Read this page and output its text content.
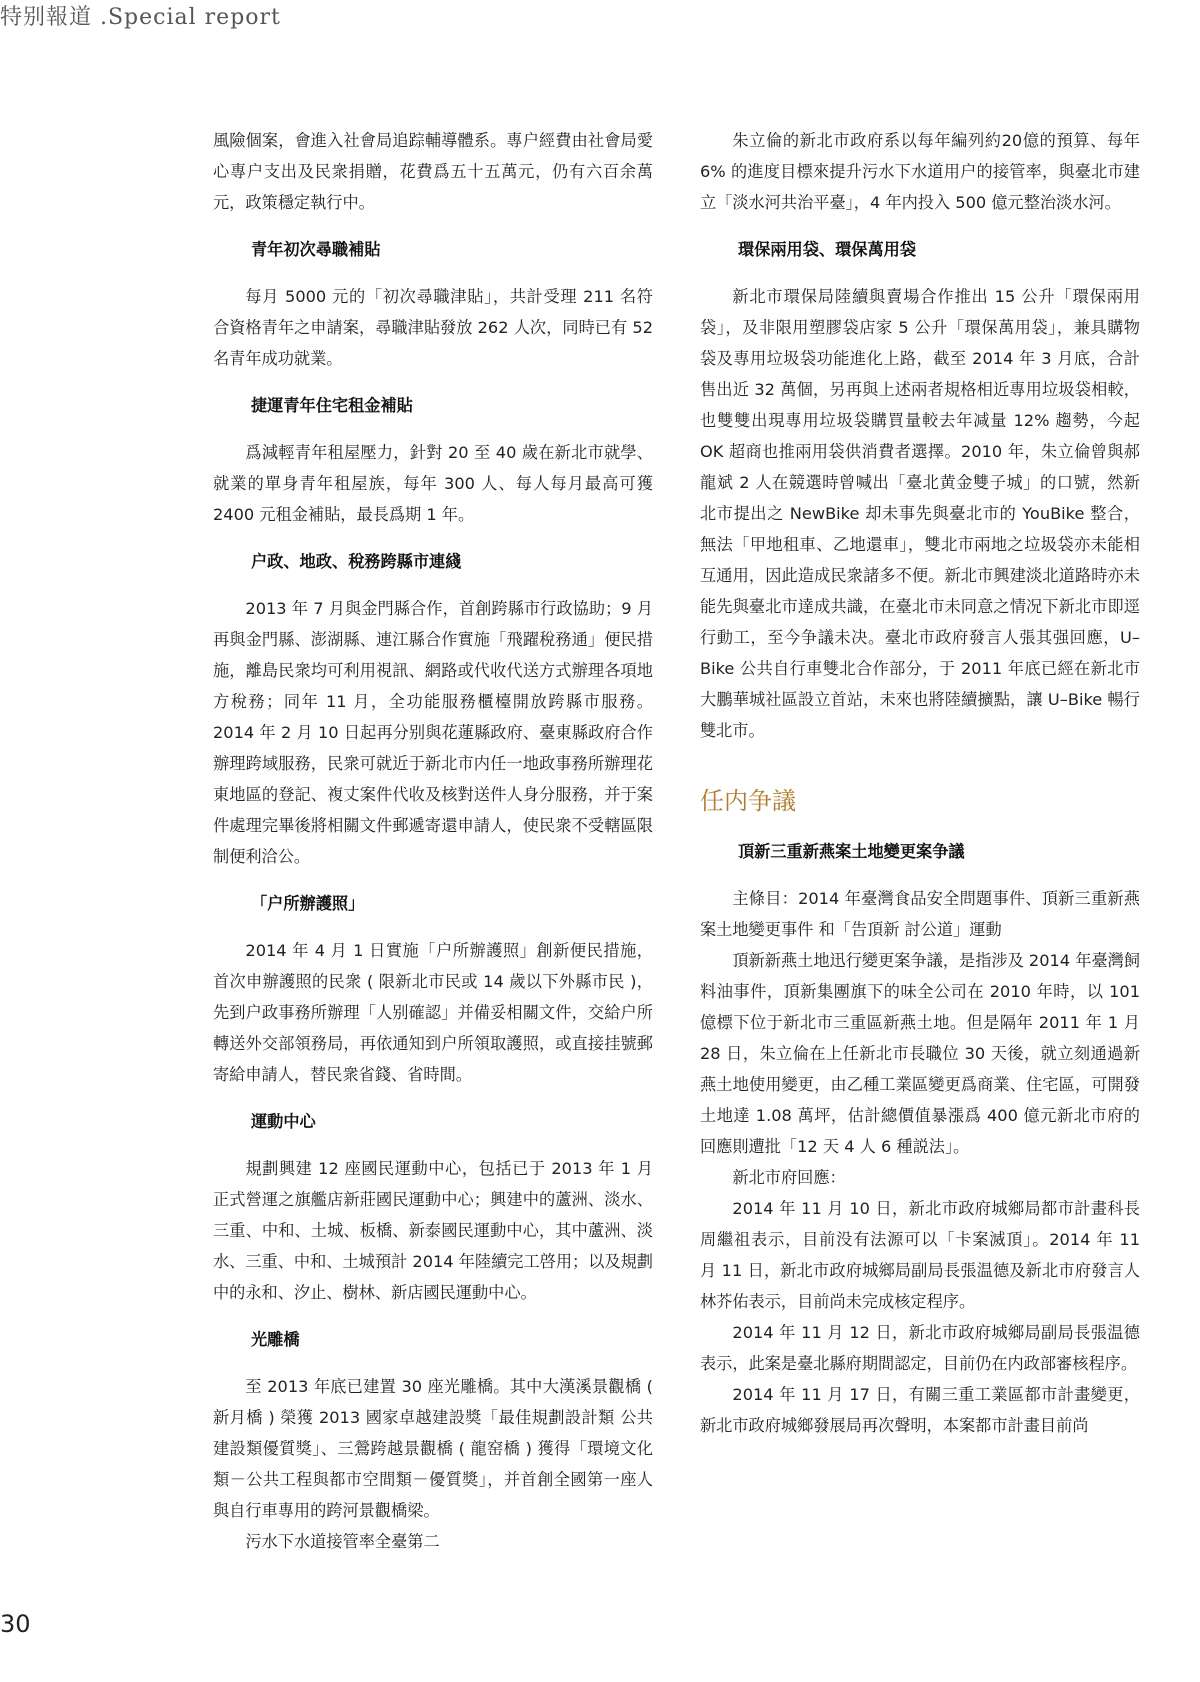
特别報道 .Special report

風險個案，會進入社會局追踪輔導體系。專户經費由社會局愛心專户支出及民衆捐贈，花費爲五十五萬元，仍有六百余萬元，政策穩定執行中。

青年初次尋職補貼

每月 5000 元的「初次尋職津貼」，共計受理 211 名符合資格青年之申請案，尋職津貼發放 262 人次，同時已有 52 名青年成功就業。

捷運青年住宅租金補貼

爲減輕青年租屋壓力，針對 20 至 40 歲在新北市就學、就業的單身青年租屋族，每年 300 人、每人每月最高可獲 2400 元租金補貼，最長爲期 1 年。

户政、地政、稅務跨縣市連綫

2013 年 7 月與金門縣合作，首創跨縣市行政協助；9 月再與金門縣、澎湖縣、連江縣合作實施「飛躍稅務通」便民措施，離島民衆均可利用視訊、網路或代收代送方式辦理各項地方稅務；同年 11 月，全功能服務櫃檯開放跨縣市服務。2014 年 2 月 10 日起再分别與花蓮縣政府、臺東縣政府合作辦理跨域服務，民衆可就近于新北市内任一地政事務所辦理花東地區的登記、複丈案件代收及核對送件人身分服務，并于案件處理完畢後將相關文件郵遞寄還申請人，使民衆不受轄區限制便利洽公。

「户所辦護照」

2014 年 4 月 1 日實施「户所辦護照」創新便民措施，首次申辦護照的民衆 ( 限新北市民或 14 歲以下外縣市民 )，先到户政事務所辦理「人别確認」并備妥相關文件，交給户所轉送外交部領務局，再依通知到户所領取護照，或直接挂號郵寄給申請人，替民衆省錢、省時間。

運動中心

規劃興建 12 座國民運動中心，包括已于 2013 年 1 月正式營運之旗艦店新莊國民運動中心；興建中的蘆洲、淡水、三重、中和、土城、板橋、新泰國民運動中心，其中蘆洲、淡水、三重、中和、土城預計 2014 年陸續完工啓用；以及規劃中的永和、汐止、樹林、新店國民運動中心。

光雕橋

至 2013 年底已建置 30 座光雕橋。其中大漢溪景觀橋 ( 新月橋 ) 榮獲 2013 國家卓越建設獎「最佳規劃設計類 公共建設類優質獎」、三鶯跨越景觀橋 ( 龍窑橋 ) 獲得「環境文化類－公共工程與都市空間類－優質獎」，并首創全國第一座人與自行車專用的跨河景觀橋梁。

污水下水道接管率全臺第二

朱立倫的新北市政府系以每年編列約20億的預算、每年 6% 的進度目標來提升污水下水道用户的接管率，與臺北市建立「淡水河共治平臺」，4 年内投入 500 億元整治淡水河。

環保兩用袋、環保萬用袋

新北市環保局陸續與賣場合作推出 15 公升「環保兩用袋」，及非限用塑膠袋店家 5 公升「環保萬用袋」，兼具購物袋及專用垃圾袋功能進化上路，截至 2014 年 3 月底，合計售出近 32 萬個，另再與上述兩者規格相近專用垃圾袋相較，也雙雙出現專用垃圾袋購買量較去年减量 12% 趨勢，今起 OK 超商也推兩用袋供消費者選擇。2010 年，朱立倫曾與郝龍斌 2 人在競選時曾喊出「臺北黄金雙子城」的口號，然新北市提出之 NewBike 却未事先與臺北市的 YouBike 整合，無法「甲地租車、乙地還車」，雙北市兩地之垃圾袋亦未能相互通用，因此造成民衆諸多不便。新北市興建淡北道路時亦未能先與臺北市達成共識，在臺北市未同意之情况下新北市即逕行動工，至今争議未决。臺北市政府發言人張其强回應，U–Bike 公共自行車雙北合作部分，于 2011 年底已經在新北市大鵬華城社區設立首站，未來也將陸續擴點，讓 U–Bike 暢行雙北市。

任内争議
頂新三重新燕案土地變更案争議

主條目：2014 年臺灣食品安全問題事件、頂新三重新燕案土地變更事件 和「告頂新 討公道」運動

頂新新燕土地迅行變更案争議，是指涉及 2014 年臺灣飼料油事件，頂新集團旗下的味全公司在 2010 年時，以 101 億標下位于新北市三重區新燕土地。但是隔年 2011 年 1 月 28 日，朱立倫在上任新北市長職位 30 天後，就立刻通過新燕土地使用變更，由乙種工業區變更爲商業、住宅區，可開發土地達 1.08 萬坪，估計總價值暴漲爲 400 億元新北市府的回應則遭批「12 天 4 人 6 種説法」。

新北市府回應：

2014 年 11 月 10 日，新北市政府城鄉局都市計畫科長周繼祖表示，目前没有法源可以「卡案滅頂」。2014 年 11 月 11 日，新北市政府城鄉局副局長張温德及新北市府發言人林芥佑表示，目前尚未完成核定程序。

2014 年 11 月 12 日，新北市政府城鄉局副局長張温德表示，此案是臺北縣府期間認定，目前仍在内政部審核程序。

2014 年 11 月 17 日，有關三重工業區都市計畫變更，新北市政府城鄉發展局再次聲明，本案都市計畫目前尚

30
